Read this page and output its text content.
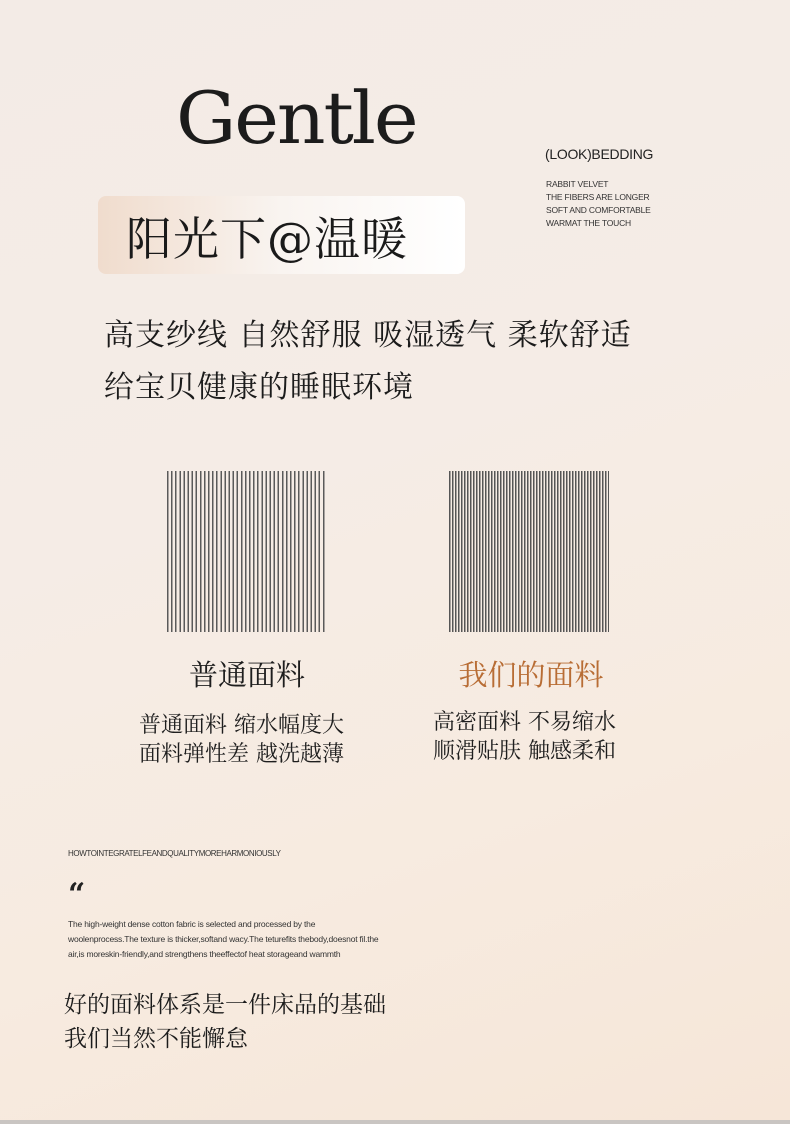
Gentle	(LOOK)BEDDING
RABBIT VELVET
THE FIBERS ARE LONGER
SOFT AND COMFORTABLE
WARMAT THE TOUCH
阳光下@温暖
高支纱线 自然舒服 吸湿透气 柔软舒适
给宝贝健康的睡眠环境
普通面料	我们的面料
普通面料 缩水幅度大
面料弹性差 越洗越薄
高密面料 不易缩水
顺滑贴肤 触感柔和
HOWTOINTEGRATELFEANDQUALITYMOREHARMONIOUSLY
“
The high-weight dense cotton fabric is selected and processed by the
woolenprocess.The texture is thicker,softand wacy.The teturefits thebody,doesnot fil.the
air,is moreskin-friendly,and strengthens theeffectof heat storageand wammth
好的面料体系是一件床品的基础
我们当然不能懈怠
